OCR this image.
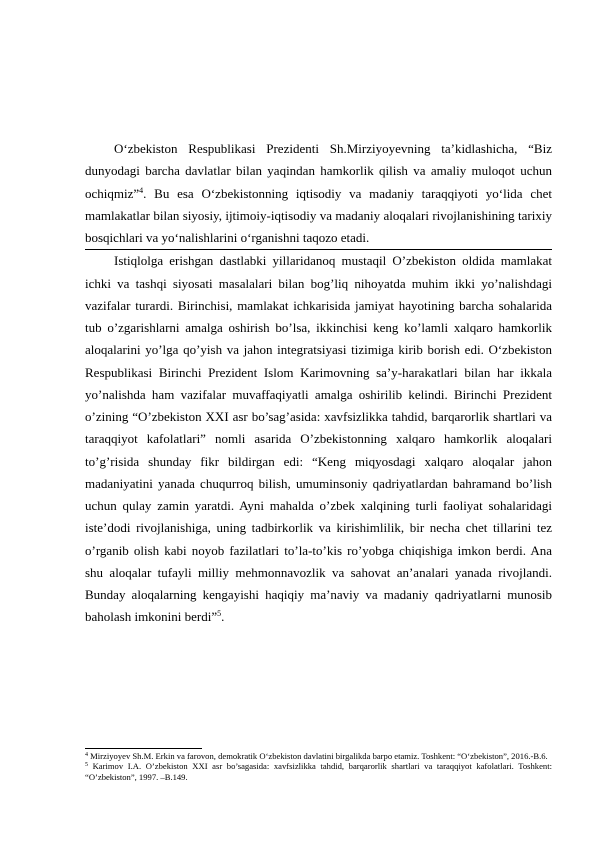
O‘zbekiston Respublikasi Prezidenti Sh.Mirziyoyevning ta’kidlashicha, “Biz dunyodagi barcha davlatlar bilan yaqindan hamkorlik qilish va amaliy muloqot uchun ochiqmiz”$^4$. Bu esa O‘zbekistonning iqtisodiy va madaniy taraqqiyoti yo‘lida chet mamlakatlar bilan siyosiy, ijtimoiy-iqtisodiy va madaniy aloqalari rivojlanishining tarixiy bosqichlari va yo‘nalishlarini o‘rganishni taqozo etadi.

Istiqlolga erishgan dastlabki yillaridanoq mustaqil O’zbekiston oldida mamlakat ichki va tashqi siyosati masalalari bilan bog’liq nihoyatda muhim ikki yo’nalishdagi vazifalar turardi. Birinchisi, mamlakat ichkarisida jamiyat hayotining barcha sohalarida tub o’zgarishlarni amalga oshirish bo’lsa, ikkinchisi keng ko’lamli xalqaro hamkorlik aloqalarini yo’lga qo’yish va jahon integratsiyasi tizimiga kirib borish edi. O‘zbekiston Respublikasi Birinchi Prezident Islom Karimovning sa’y-harakatlari bilan har ikkala yo’nalishda ham vazifalar muvaffaqiyatli amalga oshirilib kelindi. Birinchi Prezident o’zining “O’zbekiston XXI asr bo’sag’asida: xavfsizlikka tahdid, barqarorlik shartlari va taraqqiyot kafolatlari” nomli asarida O’zbekistonning xalqaro hamkorlik aloqalari to’g’risida shunday fikr bildirgan edi: “Keng miqyosdagi xalqaro aloqalar jahon madaniyatini yanada chuqurroq bilish, umuminsoniy qadriyatlardan bahramand bo’lish uchun qulay zamin yaratdi. Ayni mahalda o’zbek xalqining turli faoliyat sohalaridagi iste’dodi rivojlanishiga, uning tadbirkorlik va kirishimlilik, bir necha chet tillarini tez o’rganib olish kabi noyob fazilatlari to’la-to’kis ro’yobga chiqishiga imkon berdi. Ana shu aloqalar tufayli milliy mehmonnavozlik va sahovat an’analari yanada rivojlandi. Bunday aloqalarning kengayishi haqiqiy ma’naviy va madaniy qadriyatlarni munosib baholash imkonini berdi”$^5$.

$^4$ Mirziyoyev Sh.M. Erkin va farovon, demokratik O‘zbekiston davlatini birgalikda barpo etamiz. Toshkent: “O‘zbekiston”, 2016.-B.6.

$^5$ Karimov I.A. O’zbekiston XXI asr bo’sagasida: xavfsizlikka tahdid, barqarorlik shartlari va taraqqiyot kafolatlari. Toshkent: “O’zbekiston”, 1997. –B.149.
